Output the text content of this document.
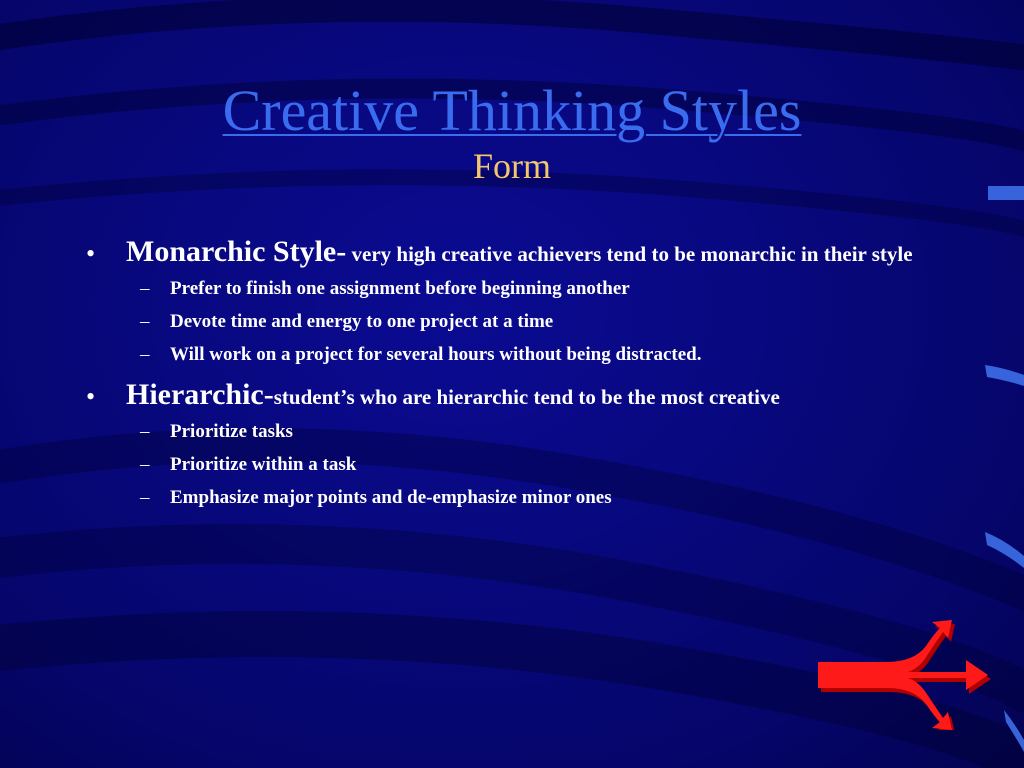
Creative Thinking Styles
Form
• Monarchic Style- very high creative achievers tend to be monarchic in their style
– Prefer to finish one assignment before beginning another
– Devote time and energy to one project at a time
– Will work on a project for several hours without being distracted.
• Hierarchic-student’s who are hierarchic tend to be the most creative
– Prioritize tasks
– Prioritize within a task
– Emphasize major points and de-emphasize minor ones
